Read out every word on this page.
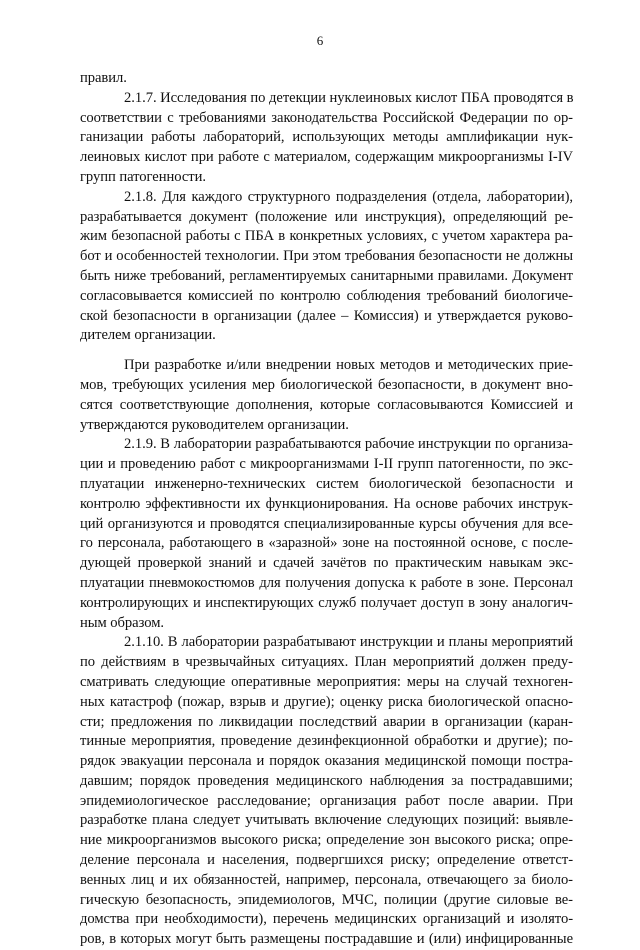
6
правил.
2.1.7. Исследования по детекции нуклеиновых кислот ПБА проводятся в
соответствии с требованиями законодательства Российской Федерации по ор-
ганизации работы лабораторий, использующих методы амплификации нук-
леиновых кислот при работе с материалом, содержащим микроорганизмы I-IV
групп патогенности.
2.1.8. Для каждого структурного подразделения (отдела, лаборатории),
разрабатывается документ (положение или инструкция), определяющий ре-
жим безопасной работы с ПБА в конкретных условиях, с учетом характера ра-
бот и особенностей технологии. При этом требования безопасности не должны
быть ниже требований, регламентируемых санитарными правилами. Документ
согласовывается комиссией по контролю соблюдения требований биологиче-
ской безопасности в организации (далее – Комиссия) и утверждается руково-
дителем организации.
При разработке и/или внедрении новых методов и методических прие-
мов, требующих усиления мер биологической безопасности, в документ вно-
сятся соответствующие дополнения, которые согласовываются Комиссией и
утверждаются руководителем организации.
2.1.9. В лаборатории разрабатываются рабочие инструкции по организа-
ции и проведению работ с микроорганизмами I-II групп патогенности, по экс-
плуатации инженерно-технических систем биологической безопасности и
контролю эффективности их функционирования. На основе рабочих инструк-
ций организуются и проводятся специализированные курсы обучения для все-
го персонала, работающего в «заразной» зоне на постоянной основе, с после-
дующей проверкой знаний и сдачей зачётов по практическим навыкам экс-
плуатации пневмокостюмов для получения допуска к работе в зоне. Персонал
контролирующих и инспектирующих служб получает доступ в зону аналогич-
ным образом.
2.1.10. В лаборатории разрабатывают инструкции и планы мероприятий
по действиям в чрезвычайных ситуациях. План мероприятий должен преду-
сматривать следующие оперативные мероприятия: меры на случай техноген-
ных катастроф (пожар, взрыв и другие); оценку риска биологической опасно-
сти; предложения по ликвидации последствий аварии в организации (каран-
тинные мероприятия, проведение дезинфекционной обработки и другие); по-
рядок эвакуации персонала и порядок оказания медицинской помощи постра-
давшим; порядок проведения медицинского наблюдения за пострадавшими;
эпидемиологическое расследование; организация работ после аварии. При
разработке плана следует учитывать включение следующих позиций: выявле-
ние микроорганизмов высокого риска; определение зон высокого риска; опре-
деление персонала и населения, подвергшихся риску; определение ответст-
венных лиц и их обязанностей, например, персонала, отвечающего за биоло-
гическую безопасность, эпидемиологов, МЧС, полиции (другие силовые ве-
домства при необходимости), перечень медицинских организаций и изолято-
ров, в которых могут быть размещены пострадавшие и (или) инфицированные
